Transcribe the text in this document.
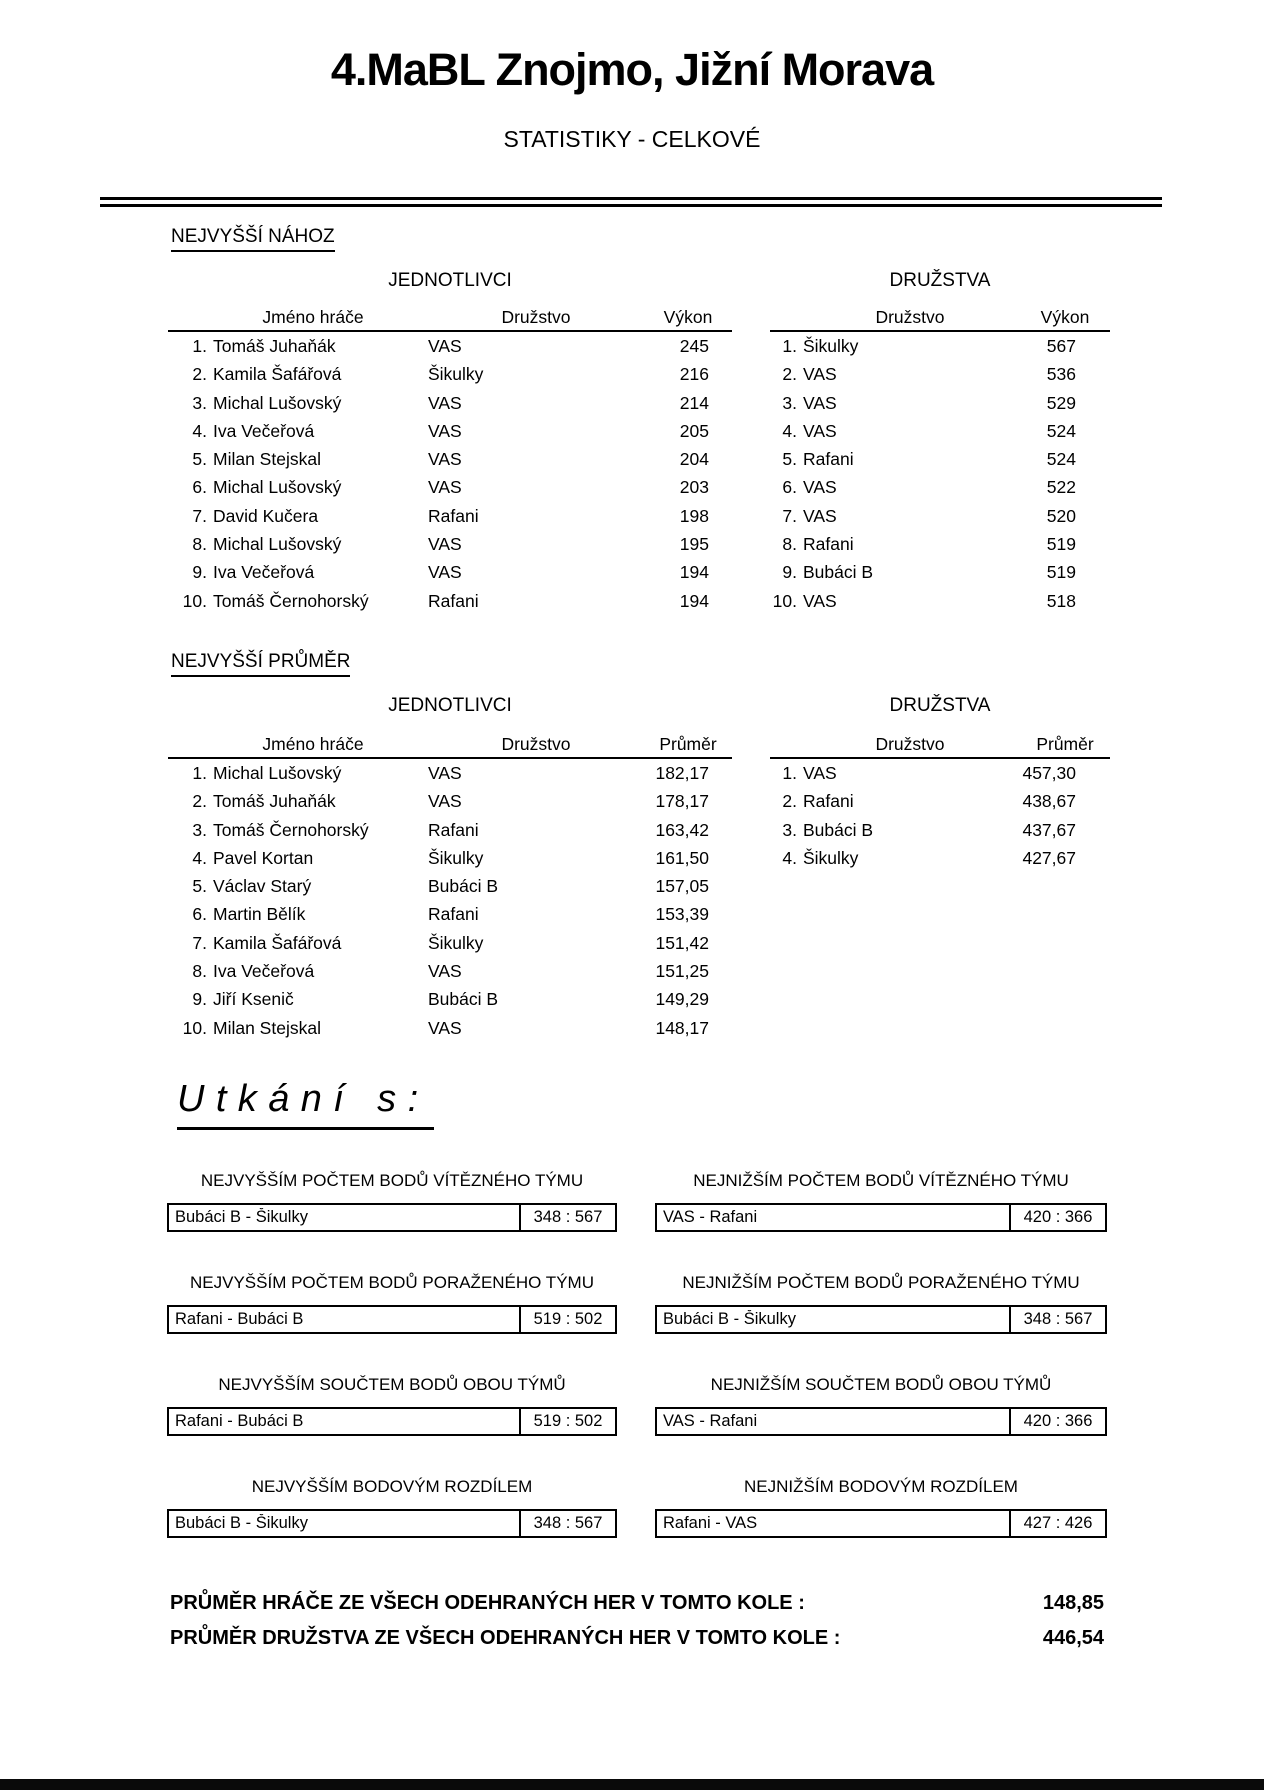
4.MaBL Znojmo, Jižní Morava
STATISTIKY - CELKOVÉ
NEJVYŠŠÍ NÁHOZ
JEDNOTLIVCI	DRUŽSTVA
Jméno hráče	Družstvo	Výkon
1. Tomáš Juhaňák	VAS	245
2. Kamila Šafářová	Šikulky	216
3. Michal Lušovský	VAS	214
4. Iva Večeřová	VAS	205
5. Milan Stejskal	VAS	204
6. Michal Lušovský	VAS	203
7. David Kučera	Rafani	198
8. Michal Lušovský	VAS	195
9. Iva Večeřová	VAS	194
10. Tomáš Černohorský	Rafani	194
Družstvo	Výkon
1. Šikulky	567
2. VAS	536
3. VAS	529
4. VAS	524
5. Rafani	524
6. VAS	522
7. VAS	520
8. Rafani	519
9. Bubáci B	519
10. VAS	518
NEJVYŠŠÍ PRŮMĚR
JEDNOTLIVCI	DRUŽSTVA
Jméno hráče	Družstvo	Průměr
1. Michal Lušovský	VAS	182,17
2. Tomáš Juhaňák	VAS	178,17
3. Tomáš Černohorský	Rafani	163,42
4. Pavel Kortan	Šikulky	161,50
5. Václav Starý	Bubáci B	157,05
6. Martin Bělík	Rafani	153,39
7. Kamila Šafářová	Šikulky	151,42
8. Iva Večeřová	VAS	151,25
9. Jiří Ksenič	Bubáci B	149,29
10. Milan Stejskal	VAS	148,17
Družstvo	Průměr
1. VAS	457,30
2. Rafani	438,67
3. Bubáci B	437,67
4. Šikulky	427,67
Utkání s:
NEJVYŠŠÍM POČTEM BODŮ VÍTĚZNÉHO TÝMU
Bubáci B - Šikulky	348 : 567
NEJNIŽŠÍM POČTEM BODŮ VÍTĚZNÉHO TÝMU
VAS - Rafani	420 : 366
NEJVYŠŠÍM POČTEM BODŮ PORAŽENÉHO TÝMU
Rafani - Bubáci B	519 : 502
NEJNIŽŠÍM POČTEM BODŮ PORAŽENÉHO TÝMU
Bubáci B - Šikulky	348 : 567
NEJVYŠŠÍM SOUČTEM BODŮ OBOU TÝMŮ
Rafani - Bubáci B	519 : 502
NEJNIŽŠÍM SOUČTEM BODŮ OBOU TÝMŮ
VAS - Rafani	420 : 366
NEJVYŠŠÍM BODOVÝM ROZDÍLEM
Bubáci B - Šikulky	348 : 567
NEJNIŽŠÍM BODOVÝM ROZDÍLEM
Rafani - VAS	427 : 426
PRŮMĚR HRÁČE ZE VŠECH ODEHRANÝCH HER V TOMTO KOLE :	148,85
PRŮMĚR DRUŽSTVA ZE VŠECH ODEHRANÝCH HER V TOMTO KOLE :	446,54
